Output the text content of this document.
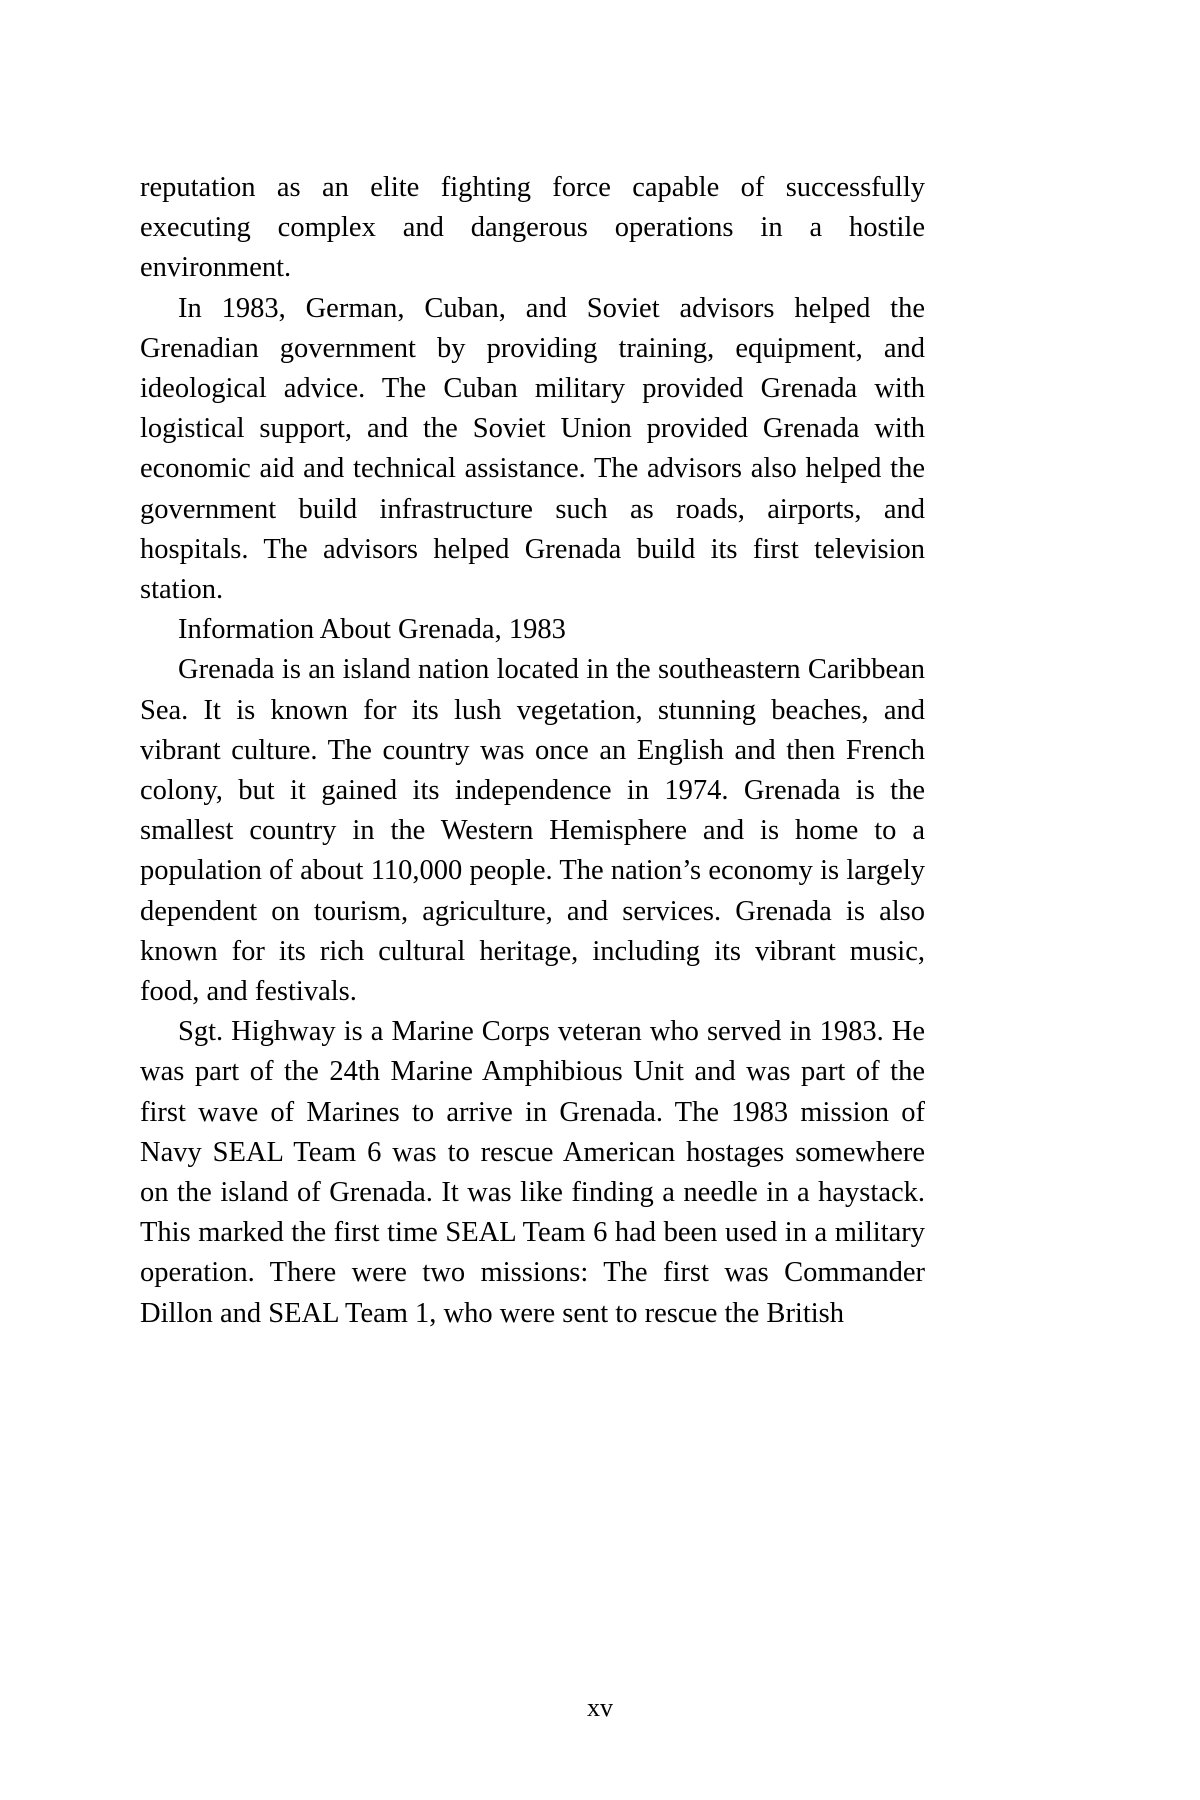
reputation as an elite fighting force capable of successfully executing complex and dangerous operations in a hostile environment.

In 1983, German, Cuban, and Soviet advisors helped the Grenadian government by providing training, equipment, and ideological advice. The Cuban military provided Grenada with logistical support, and the Soviet Union provided Grenada with economic aid and technical assistance. The advisors also helped the government build infrastructure such as roads, airports, and hospitals. The advisors helped Grenada build its first television station.

Information About Grenada, 1983

Grenada is an island nation located in the southeastern Caribbean Sea. It is known for its lush vegetation, stunning beaches, and vibrant culture. The country was once an English and then French colony, but it gained its independence in 1974. Grenada is the smallest country in the Western Hemisphere and is home to a population of about 110,000 people. The nation’s economy is largely dependent on tourism, agriculture, and services. Grenada is also known for its rich cultural heritage, including its vibrant music, food, and festivals.

Sgt. Highway is a Marine Corps veteran who served in 1983. He was part of the 24th Marine Amphibious Unit and was part of the first wave of Marines to arrive in Grenada. The 1983 mission of Navy SEAL Team 6 was to rescue American hostages somewhere on the island of Grenada. It was like finding a needle in a haystack. This marked the first time SEAL Team 6 had been used in a military operation. There were two missions: The first was Commander Dillon and SEAL Team 1, who were sent to rescue the British

xv
